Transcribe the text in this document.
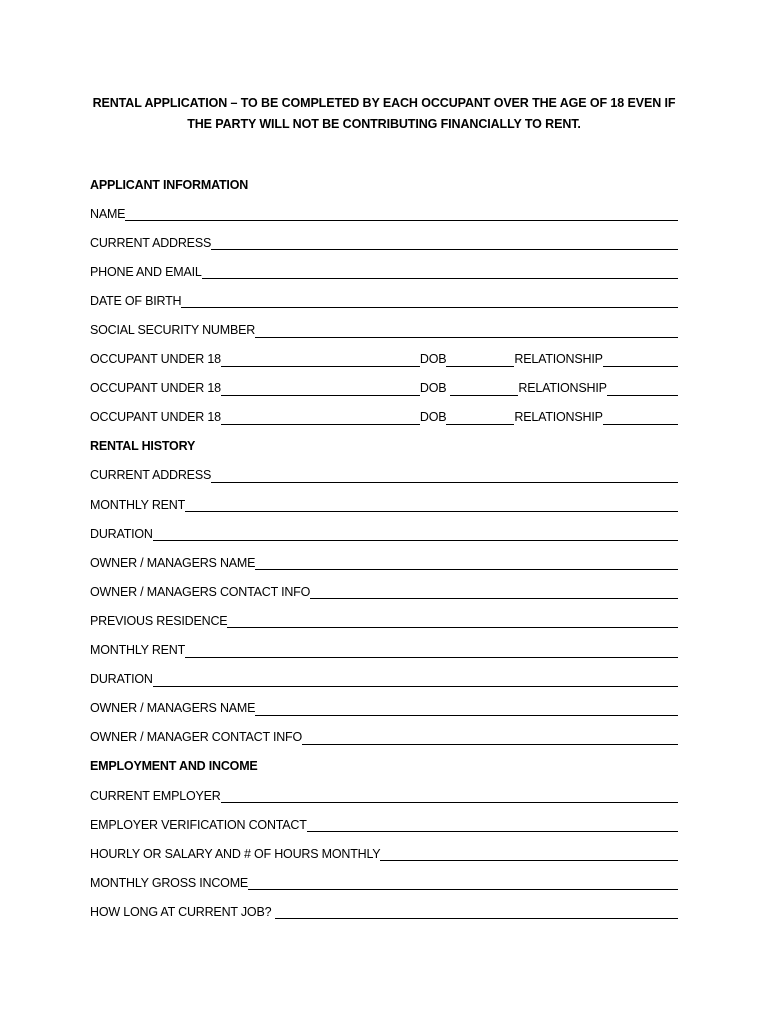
RENTAL APPLICATION – TO BE COMPLETED BY EACH OCCUPANT OVER THE AGE OF 18 EVEN IF
THE PARTY WILL NOT BE CONTRIBUTING FINANCIALLY TO RENT.
APPLICANT INFORMATION
NAME
CURRENT ADDRESS
PHONE AND EMAIL
DATE OF BIRTH
SOCIAL SECURITY NUMBER
OCCUPANT UNDER 18	DOB	RELATIONSHIP
OCCUPANT UNDER 18	DOB	RELATIONSHIP
OCCUPANT UNDER 18	DOB	RELATIONSHIP
RENTAL HISTORY
CURRENT ADDRESS
MONTHLY RENT
DURATION
OWNER / MANAGERS NAME
OWNER / MANAGERS CONTACT INFO
PREVIOUS RESIDENCE
MONTHLY RENT
DURATION
OWNER / MANAGERS NAME
OWNER / MANAGER CONTACT INFO
EMPLOYMENT AND INCOME
CURRENT EMPLOYER
EMPLOYER VERIFICATION CONTACT
HOURLY OR SALARY AND # OF HOURS MONTHLY
MONTHLY GROSS INCOME
HOW LONG AT CURRENT JOB?
